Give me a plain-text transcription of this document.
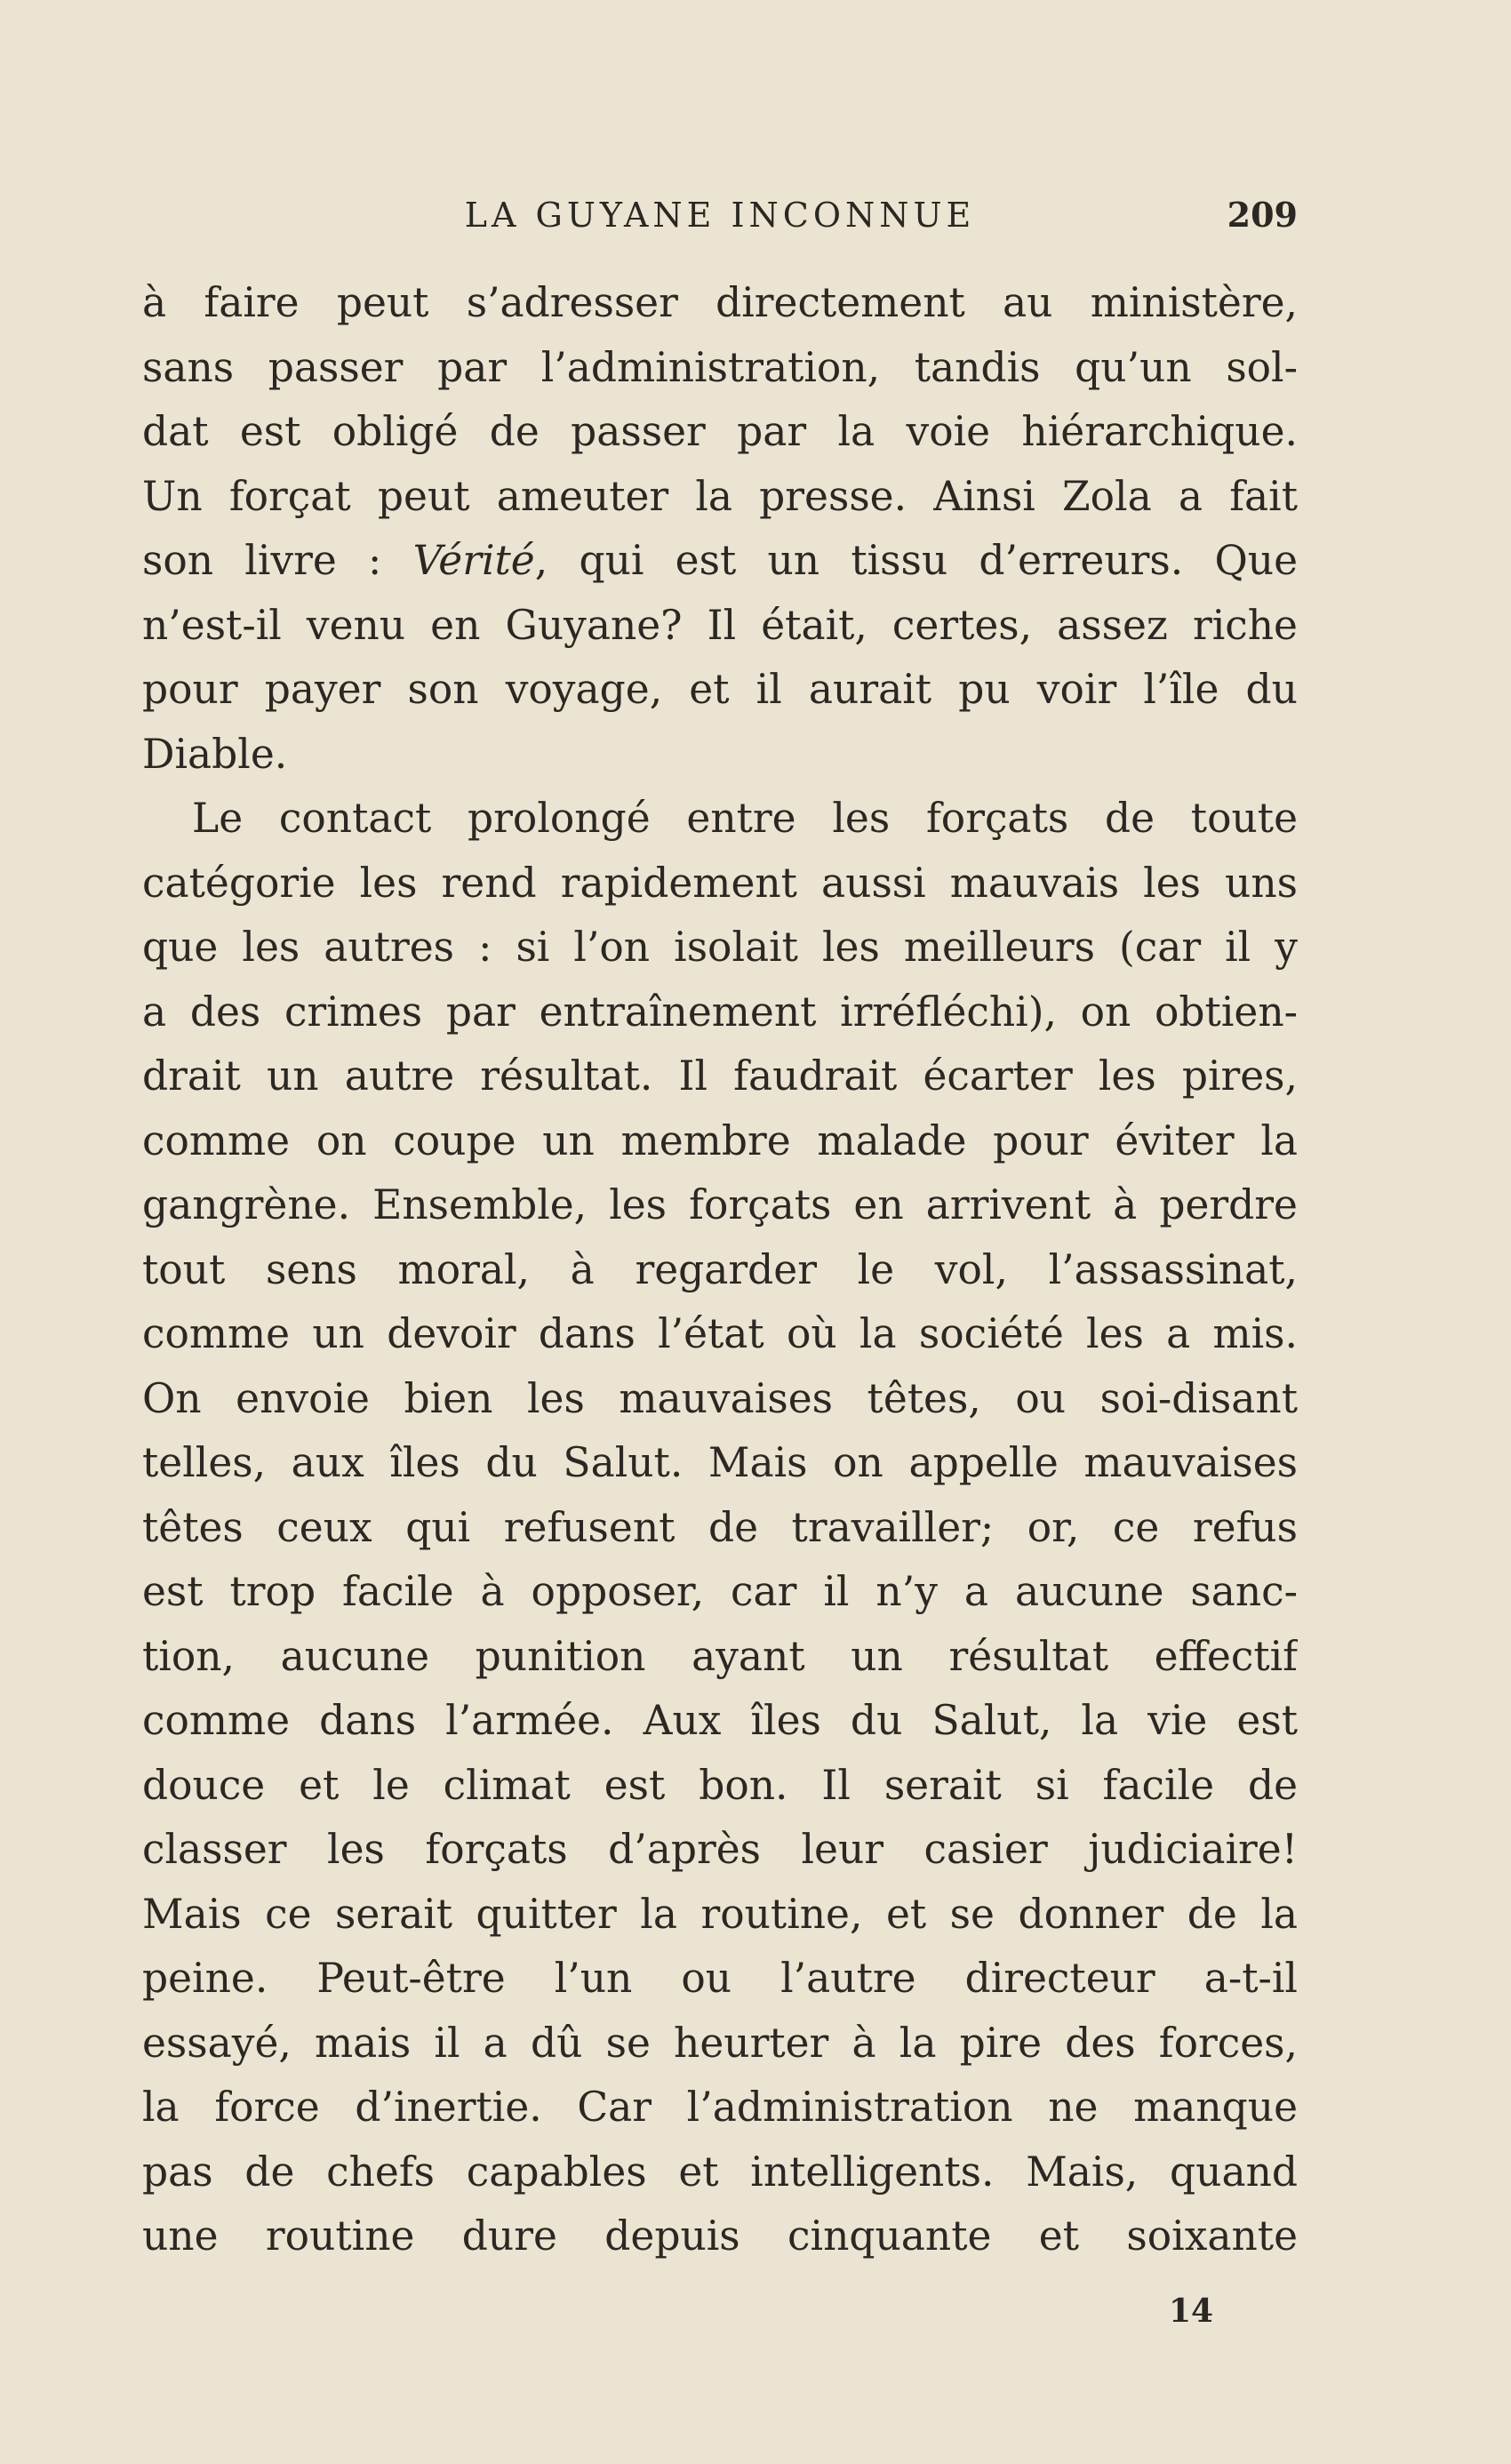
LA GUYANE INCONNUE	209
à faire peut s’adresser directement au ministère,
sans passer par l’administration, tandis qu’un sol-
dat est obligé de passer par la voie hiérarchique.
Un forçat peut ameuter la presse. Ainsi Zola a fait
son livre : Vérité, qui est un tissu d’erreurs. Que
n’est-il venu en Guyane? Il était, certes, assez riche
pour payer son voyage, et il aurait pu voir l’île du
Diable.
Le contact prolongé entre les forçats de toute
catégorie les rend rapidement aussi mauvais les uns
que les autres : si l’on isolait les meilleurs (car il y
a des crimes par entraînement irréfléchi), on obtien-
drait un autre résultat. Il faudrait écarter les pires,
comme on coupe un membre malade pour éviter la
gangrène. Ensemble, les forçats en arrivent à perdre
tout sens moral, à regarder le vol, l’assassinat,
comme un devoir dans l’état où la société les a mis.
On envoie bien les mauvaises têtes, ou soi-disant
telles, aux îles du Salut. Mais on appelle mauvaises
têtes ceux qui refusent de travailler; or, ce refus
est trop facile à opposer, car il n’y a aucune sanc-
tion, aucune punition ayant un résultat effectif
comme dans l’armée. Aux îles du Salut, la vie est
douce et le climat est bon. Il serait si facile de
classer les forçats d’après leur casier judiciaire!
Mais ce serait quitter la routine, et se donner de la
peine. Peut-être l’un ou l’autre directeur a-t-il
essayé, mais il a dû se heurter à la pire des forces,
la force d’inertie. Car l’administration ne manque
pas de chefs capables et intelligents. Mais, quand
une routine dure depuis cinquante et soixante
14
